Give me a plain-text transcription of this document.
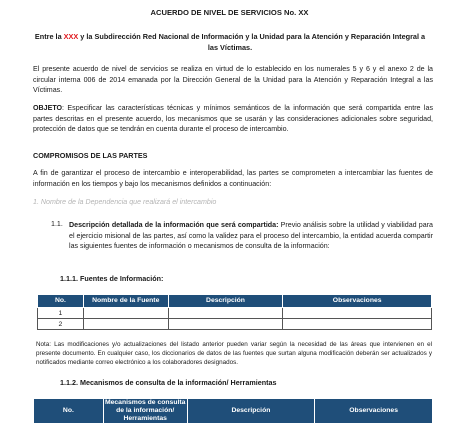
ACUERDO DE NIVEL DE SERVICIOS No. XX
Entre la XXX y la Subdirección Red Nacional de Información y la Unidad para la Atención y Reparación Integral a las Víctimas.
El presente acuerdo de nivel de servicios se realiza en virtud de lo establecido en los numerales 5 y 6 y el anexo 2 de la circular interna 006 de 2014 emanada por la Dirección General de la Unidad para la Atención y Reparación Integral a las Víctimas.
OBJETO: Especificar las características técnicas y mínimos semánticos de la información que será compartida entre las partes descritas en el presente acuerdo, los mecanismos que se usarán y las consideraciones adicionales sobre seguridad, protección de datos que se tendrán en cuenta durante el proceso de intercambio.
COMPROMISOS DE LAS PARTES
A fin de garantizar el proceso de intercambio e interoperabilidad, las partes se comprometen a intercambiar las fuentes de información en los tiempos y bajo los mecanismos definidos a continuación:
1. Nombre de la Dependencia que realizará el intercambio
1.1. Descripción detallada de la información que será compartida: Previo análisis sobre la utilidad y viabilidad para el ejercicio misional de las partes, así como la validez para el proceso del intercambio, la entidad acuerda compartir las siguientes fuentes de información o mecanismos de consulta de la información:
1.1.1. Fuentes de Información:
No.	Nombre de la Fuente	Descripción	Observaciones
1			
2			
Nota: Las modificaciones y/o actualizaciones del listado anterior pueden variar según la necesidad de las áreas que intervienen en el presente documento. En cualquier caso, los diccionarios de datos de las fuentes que surtan alguna modificación deberán ser actualizados y notificados mediante correo electrónico a los colaboradores designados.
1.1.2. Mecanismos de consulta de la información/ Herramientas
No.	Mecanismos de consulta de la información/ Herramientas	Descripción	Observaciones
